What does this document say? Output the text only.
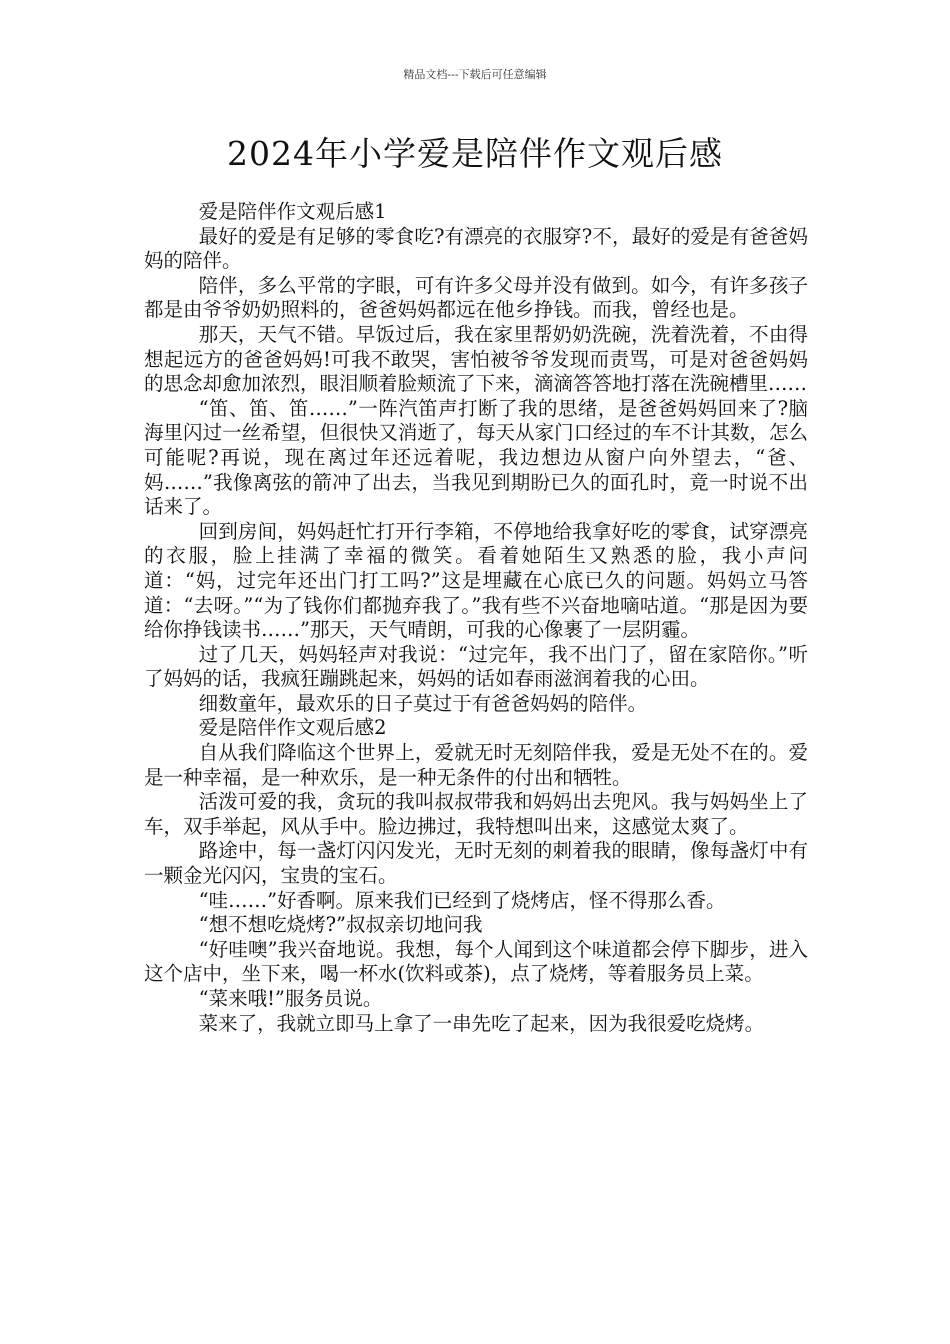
精品文档---下载后可任意编辑
2024年小学爱是陪伴作文观后感

爱是陪伴作文观后感1

最好的爱是有足够的零食吃?有漂亮的衣服穿?不，最好的爱是有爸爸妈妈的陪伴。

陪伴，多么平常的字眼，可有许多父母并没有做到。如今，有许多孩子都是由爷爷奶奶照料的，爸爸妈妈都远在他乡挣钱。而我，曾经也是。

那天，天气不错。早饭过后，我在家里帮奶奶洗碗，洗着洗着，不由得想起远方的爸爸妈妈!可我不敢哭，害怕被爷爷发现而责骂，可是对爸爸妈妈的思念却愈加浓烈，眼泪顺着脸颊流了下来，滴滴答答地打落在洗碗槽里……

“笛、笛、笛……”一阵汽笛声打断了我的思绪，是爸爸妈妈回来了?脑海里闪过一丝希望，但很快又消逝了，每天从家门口经过的车不计其数，怎么可能呢?再说，现在离过年还远着呢，我边想边从窗户向外望去，“爸、妈……”我像离弦的箭冲了出去，当我见到期盼已久的面孔时，竟一时说不出话来了。

回到房间，妈妈赶忙打开行李箱，不停地给我拿好吃的零食，试穿漂亮的衣服，脸上挂满了幸福的微笑。看着她陌生又熟悉的脸，我小声问道：“妈，过完年还出门打工吗?”这是埋藏在心底已久的问题。妈妈立马答道：“去呀。”“为了钱你们都抛弃我了。”我有些不兴奋地嘀咕道。“那是因为要给你挣钱读书……”那天，天气晴朗，可我的心像裹了一层阴霾。

过了几天，妈妈轻声对我说：“过完年，我不出门了，留在家陪你。”听了妈妈的话，我疯狂蹦跳起来，妈妈的话如春雨滋润着我的心田。

细数童年，最欢乐的日子莫过于有爸爸妈妈的陪伴。

爱是陪伴作文观后感2

自从我们降临这个世界上，爱就无时无刻陪伴我，爱是无处不在的。爱是一种幸福，是一种欢乐，是一种无条件的付出和牺牲。

活泼可爱的我，贪玩的我叫叔叔带我和妈妈出去兜风。我与妈妈坐上了车，双手举起，风从手中。脸边拂过，我特想叫出来，这感觉太爽了。

路途中，每一盏灯闪闪发光，无时无刻的刺着我的眼睛，像每盏灯中有一颗金光闪闪，宝贵的宝石。

“哇……”好香啊。原来我们已经到了烧烤店，怪不得那么香。

“想不想吃烧烤?”叔叔亲切地问我

“好哇噢”我兴奋地说。我想，每个人闻到这个味道都会停下脚步，进入这个店中，坐下来，喝一杯水(饮料或茶)，点了烧烤，等着服务员上菜。

“菜来哦!”服务员说。

菜来了，我就立即马上拿了一串先吃了起来，因为我很爱吃烧烤。
